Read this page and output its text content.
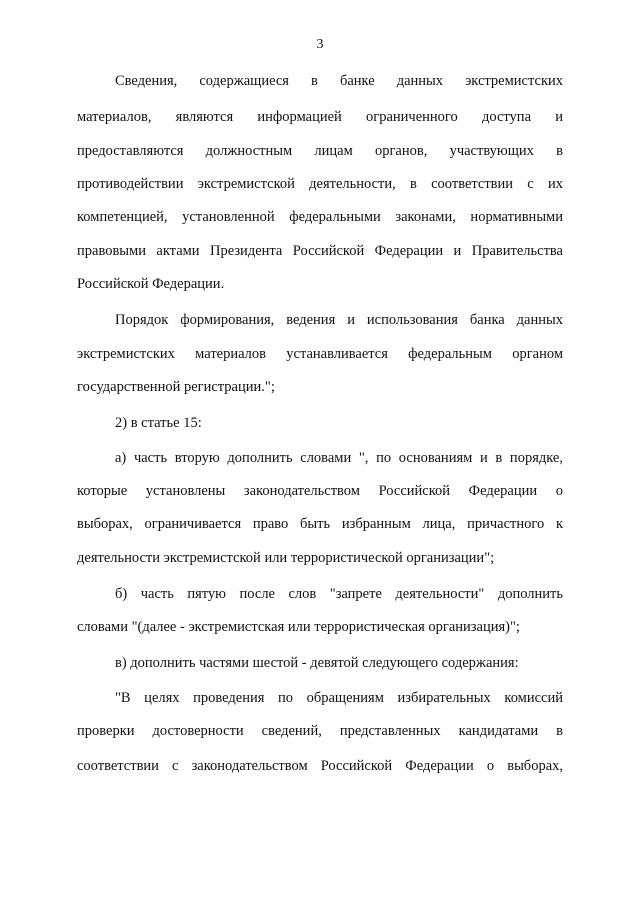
3
Сведения, содержащиеся в банке данных экстремистских
материалов, являются информацией ограниченного доступа и
предоставляются должностным лицам органов, участвующих в
противодействии экстремистской деятельности, в соответствии с их
компетенцией, установленной федеральными законами, нормативными
правовыми актами Президента Российской Федерации и Правительства
Российской Федерации.
Порядок формирования, ведения и использования банка данных
экстремистских материалов устанавливается федеральным органом
государственной регистрации.";
2) в статье 15:
а) часть вторую дополнить словами ", по основаниям и в порядке,
которые установлены законодательством Российской Федерации о
выборах, ограничивается право быть избранным лица, причастного к
деятельности экстремистской или террористической организации";
б) часть пятую после слов "запрете деятельности" дополнить
словами "(далее - экстремистская или террористическая организация)";
в) дополнить частями шестой - девятой следующего содержания:
"В целях проведения по обращениям избирательных комиссий
проверки достоверности сведений, представленных кандидатами в
соответствии с законодательством Российской Федерации о выборах,
